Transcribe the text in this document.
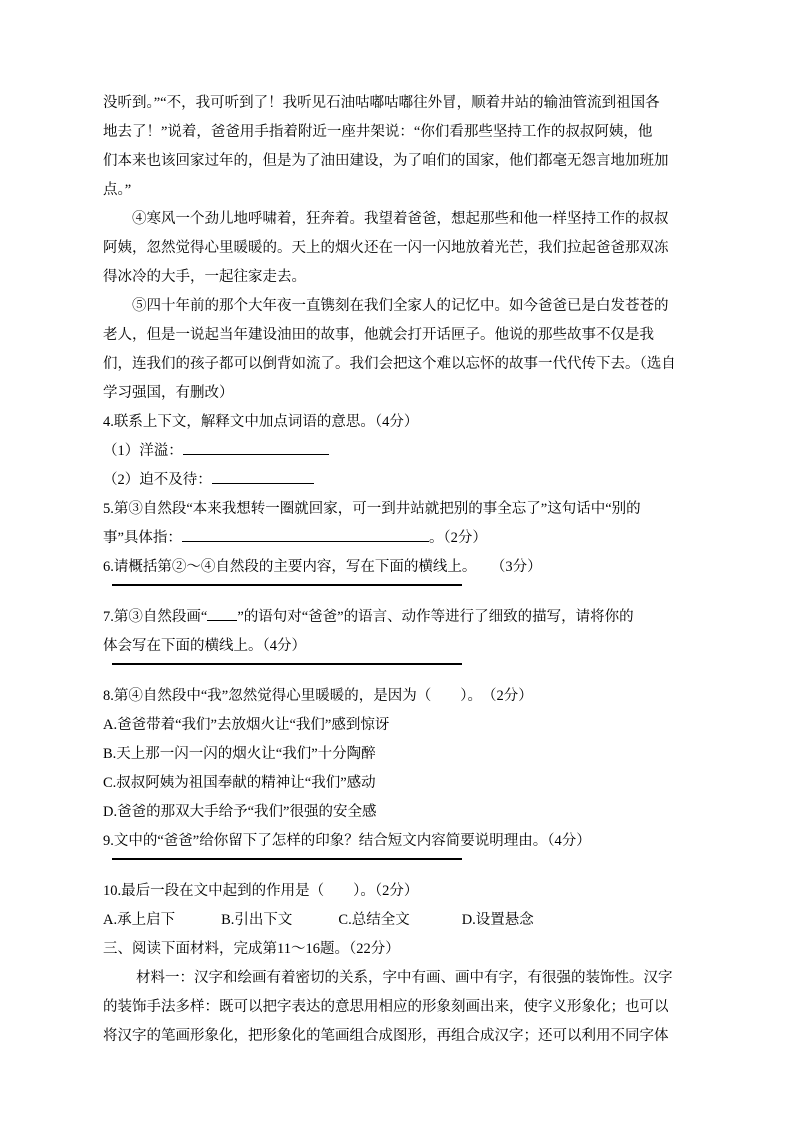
没听到。”“不，我可听到了！我听见石油咕嘟咕嘟往外冒，顺着井站的输油管流到祖国各
地去了！”说着，爸爸用手指着附近一座井架说：“你们看那些坚持工作的叔叔阿姨，他
们本来也该回家过年的，但是为了油田建设，为了咱们的国家，他们都毫无怨言地加班加
点。”
④寒风一个劲儿地呼啸着，狂奔着。我望着爸爸，想起那些和他一样坚持工作的叔叔
阿姨，忽然觉得心里暖暖的。天上的烟火还在一闪一闪地放着光芒，我们拉起爸爸那双冻
得冰冷的大手，一起往家走去。
⑤四十年前的那个大年夜一直镌刻在我们全家人的记忆中。如今爸爸已是白发苍苍的
老人，但是一说起当年建设油田的故事，他就会打开话匣子。他说的那些故事不仅是我
们，连我们的孩子都可以倒背如流了。我们会把这个难以忘怀的故事一代代传下去。（选自
学习强国，有删改）
4.联系上下文，解释文中加点词语的意思。（4分）
（1）洋溢：
（2）迫不及待：
5.第③自然段“本来我想转一圈就回家，可一到井站就把别的事全忘了”这句话中“别的
事”具体指：	。（2分）
6.请概括第②～④自然段的主要内容，写在下面的横线上。　　（3分）
7.第③自然段画“ ”的语句对“爸爸”的语言、动作等进行了细致的描写，请将你的
体会写在下面的横线上。（4分）
8.第④自然段中“我”忽然觉得心里暖暖的，是因为（　　）。　（2分）
A.爸爸带着“我们”去放烟火让“我们”感到惊讶
B.天上那一闪一闪的烟火让“我们”十分陶醉
C.叔叔阿姨为祖国奉献的精神让“我们”感动
D.爸爸的那双大手给予“我们”很强的安全感
9.文中的“爸爸”给你留下了怎样的印象？结合短文内容简要说明理由。（4分）
10.最后一段在文中起到的作用是（　　）。（2分）
A.承上启下	B.引出下文	C.总结全文	D.设置悬念
三、阅读下面材料，完成第11～16题。（22分）
材料一：汉字和绘画有着密切的关系，字中有画、画中有字，有很强的装饰性。汉字
的装饰手法多样：既可以把字表达的意思用相应的形象刻画出来，使字义形象化；也可以
将汉字的笔画形象化，把形象化的笔画组合成图形，再组合成汉字；还可以利用不同字体
